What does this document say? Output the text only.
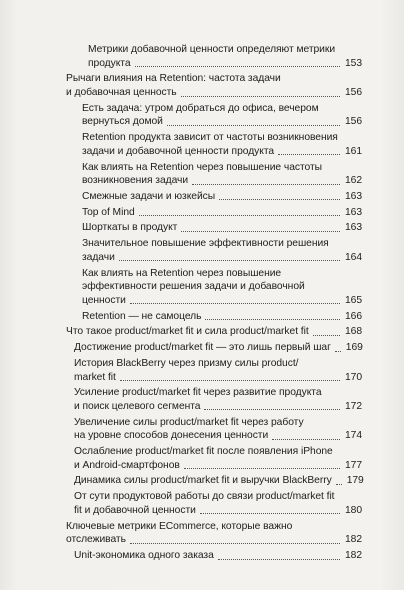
Метрики добавочной ценности определяют метрики
продукта	153
Рычаги влияния на Retention: частота задачи
и добавочная ценность	156
Есть задача: утром добраться до офиса, вечером
вернуться домой	156
Retention продукта зависит от частоты возникновения
задачи и добавочной ценности продукта	161
Как влиять на Retention через повышение частоты
возникновения задачи	162
Смежные задачи и юзкейсы	163
Top of Mind	163
Шорткаты в продукт	163
Значительное повышение эффективности решения
задачи	164
Как влиять на Retention через повышение
эффективности решения задачи и добавочной
ценности	165
Retention — не самоцель	166
Что такое product/market fit и сила product/market fit	168
Достижение product/market fit — это лишь первый шаг 169
История BlackBerry через призму силы product/
market fit	170
Усиление product/market fit через развитие продукта
и поиск целевого сегмента	172
Увеличение силы product/market fit через работу
на уровне способов донесения ценности	174
Ослабление product/market fit после появления iPhone
и Android-смартфонов	177
Динамика силы product/market fit и выручки BlackBerry 179
От сути продуктовой работы до связи product/market fit
fit и добавочной ценности	180
Ключевые метрики ECommerce, которые важно
отслеживать	182
Unit-экономика одного заказа	182
